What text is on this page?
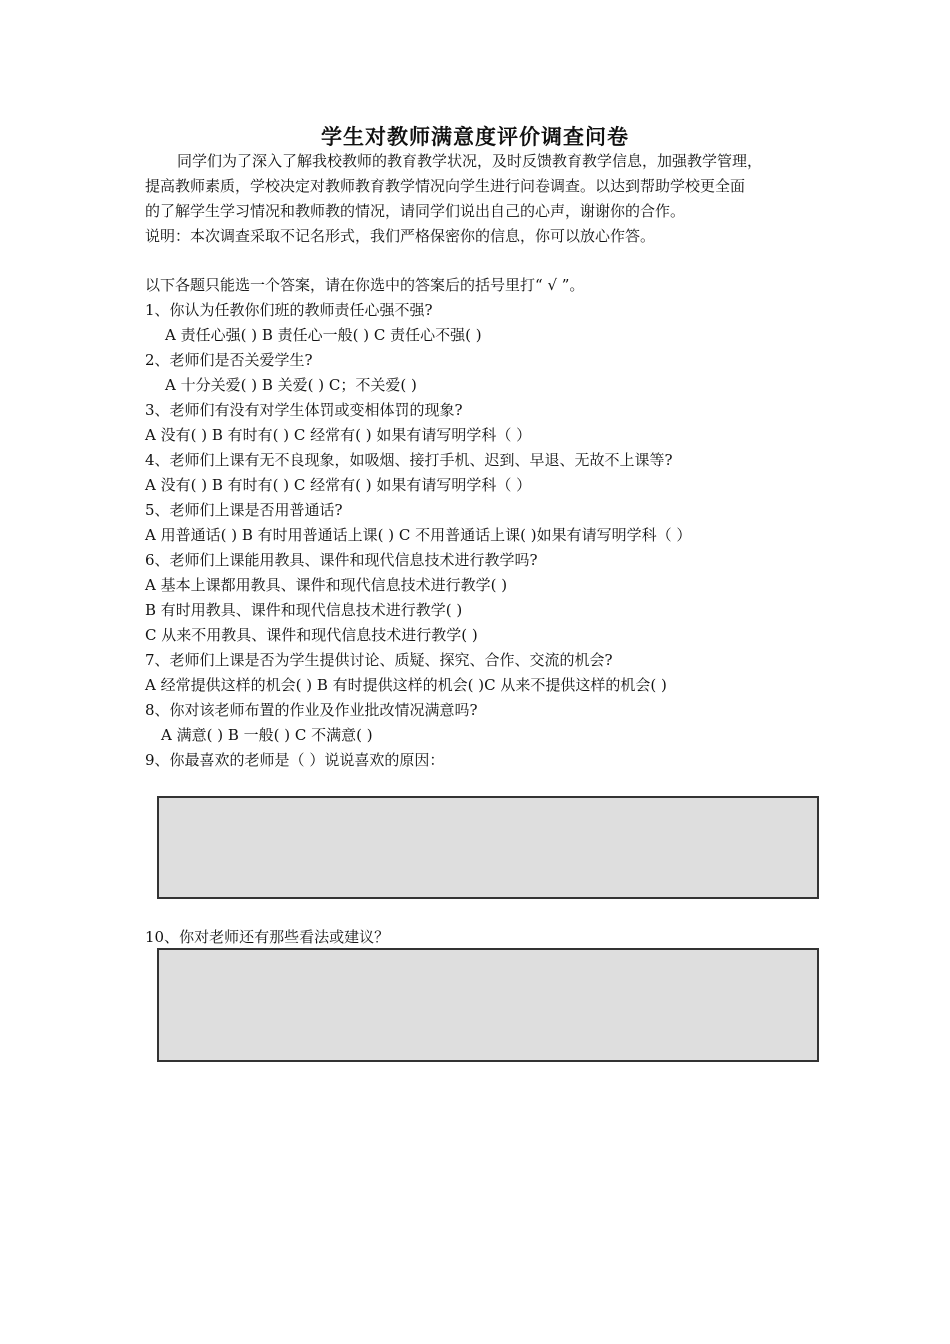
学生对教师满意度评价调查问卷
同学们为了深入了解我校教师的教育教学状况，及时反馈教育教学信息，加强教学管理，
提高教师素质，学校决定对教师教育教学情况向学生进行问卷调查。以达到帮助学校更全面
的了解学生学习情况和教师教的情况，请同学们说出自己的心声，谢谢你的合作。
说明：本次调查采取不记名形式，我们严格保密你的信息，你可以放心作答。
以下各题只能选一个答案，请在你选中的答案后的括号里打“ √ ”。
1、你认为任教你们班的教师责任心强不强?
A 责任心强( ) B 责任心一般( ) C 责任心不强( )
2、老师们是否关爱学生?
A 十分关爱( ) B 关爱( ) C；不关爱( )
3、老师们有没有对学生体罚或变相体罚的现象?
A 没有( ) B 有时有( ) C 经常有( ) 如果有请写明学科（ ）
4、老师们上课有无不良现象，如吸烟、接打手机、迟到、早退、无故不上课等?
A 没有( ) B 有时有( ) C 经常有( ) 如果有请写明学科（ ）
5、老师们上课是否用普通话?
A 用普通话( ) B 有时用普通话上课( ) C 不用普通话上课( )如果有请写明学科（ ）
6、老师们上课能用教具、课件和现代信息技术进行教学吗?
A 基本上课都用教具、课件和现代信息技术进行教学( )
B 有时用教具、课件和现代信息技术进行教学( )
C 从来不用教具、课件和现代信息技术进行教学( )
7、老师们上课是否为学生提供讨论、质疑、探究、合作、交流的机会?
A 经常提供这样的机会( ) B 有时提供这样的机会( )C 从来不提供这样的机会( )
8、你对该老师布置的作业及作业批改情况满意吗?
A 满意( ) B 一般( ) C 不满意( )
9、你最喜欢的老师是（ ）说说喜欢的原因：
10、你对老师还有那些看法或建议？
